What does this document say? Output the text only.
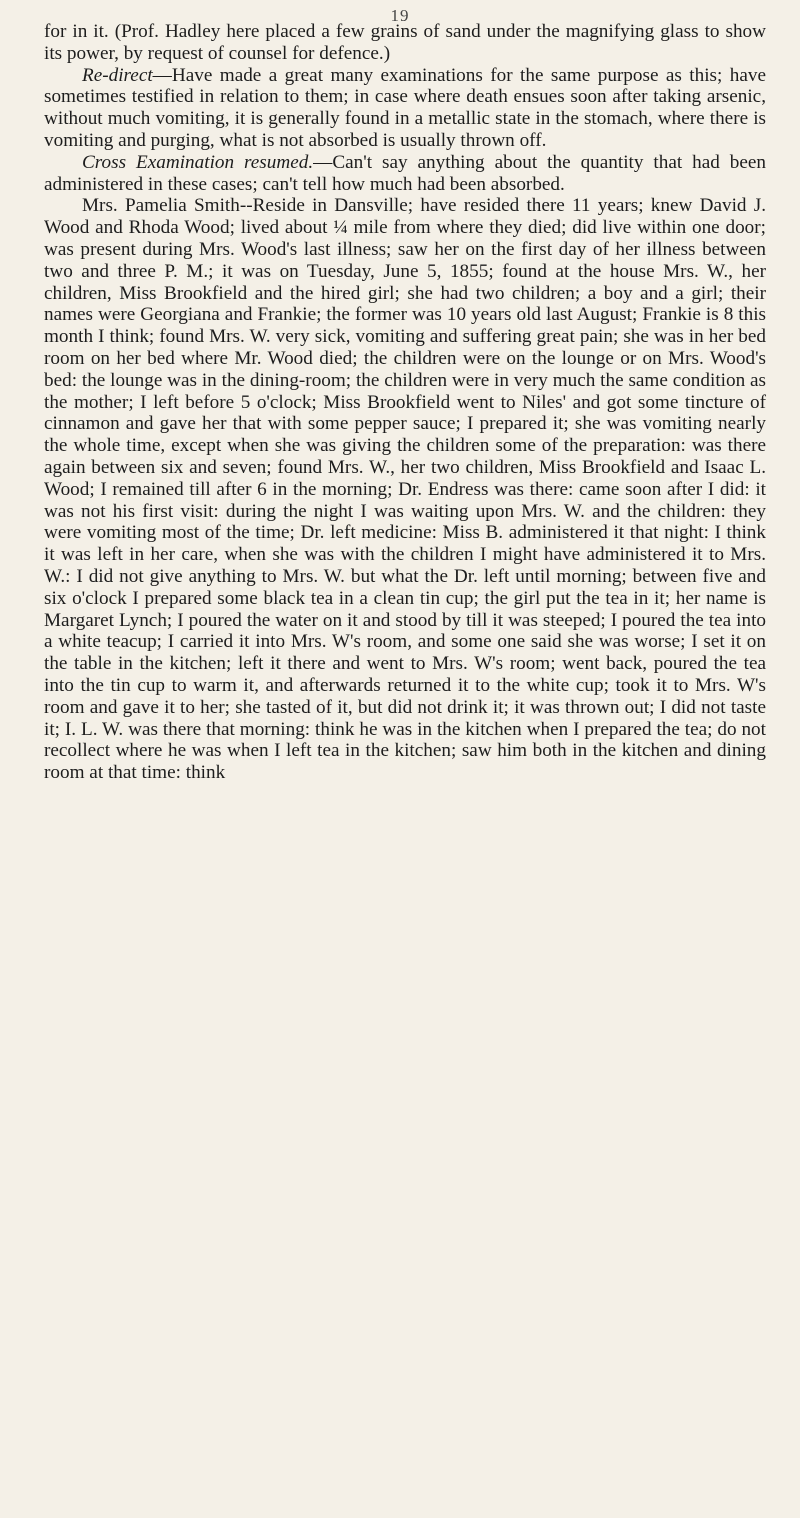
19

for in it. (Prof. Hadley here placed a few grains of sand under the magnifying glass to show its power, by request of counsel for defence.)

Re-direct—Have made a great many examinations for the same purpose as this; have sometimes testified in relation to them; in case where death ensues soon after taking arsenic, without much vomiting, it is generally found in a metallic state in the stomach, where there is vomiting and purging, what is not absorbed is usually thrown off.

Cross Examination resumed.—Can't say anything about the quantity that had been administered in these cases; can't tell how much had been absorbed.

Mrs. Pamelia Smith--Reside in Dansville; have resided there 11 years; knew David J. Wood and Rhoda Wood; lived about ¼ mile from where they died; did live within one door; was present during Mrs. Wood's last illness; saw her on the first day of her illness between two and three P. M.; it was on Tuesday, June 5, 1855; found at the house Mrs. W., her children, Miss Brookfield and the hired girl; she had two children; a boy and a girl; their names were Georgiana and Frankie; the former was 10 years old last August; Frankie is 8 this month I think; found Mrs. W. very sick, vomiting and suffering great pain; she was in her bed room on her bed where Mr. Wood died; the children were on the lounge or on Mrs. Wood's bed: the lounge was in the dining-room; the children were in very much the same condition as the mother; I left before 5 o'clock; Miss Brookfield went to Niles' and got some tincture of cinnamon and gave her that with some pepper sauce; I prepared it; she was vomiting nearly the whole time, except when she was giving the children some of the preparation: was there again between six and seven; found Mrs. W., her two children, Miss Brookfield and Isaac L. Wood; I remained till after 6 in the morning; Dr. Endress was there: came soon after I did: it was not his first visit: during the night I was waiting upon Mrs. W. and the children: they were vomiting most of the time; Dr. left medicine: Miss B. administered it that night: I think it was left in her care, when she was with the children I might have administered it to Mrs. W.: I did not give anything to Mrs. W. but what the Dr. left until morning; between five and six o'clock I prepared some black tea in a clean tin cup; the girl put the tea in it; her name is Margaret Lynch; I poured the water on it and stood by till it was steeped; I poured the tea into a white teacup; I carried it into Mrs. W's room, and some one said she was worse; I set it on the table in the kitchen; left it there and went to Mrs. W's room; went back, poured the tea into the tin cup to warm it, and afterwards returned it to the white cup; took it to Mrs. W's room and gave it to her; she tasted of it, but did not drink it; it was thrown out; I did not taste it; I. L. W. was there that morning: think he was in the kitchen when I prepared the tea; do not recollect where he was when I left tea in the kitchen; saw him both in the kitchen and dining room at that time: think
